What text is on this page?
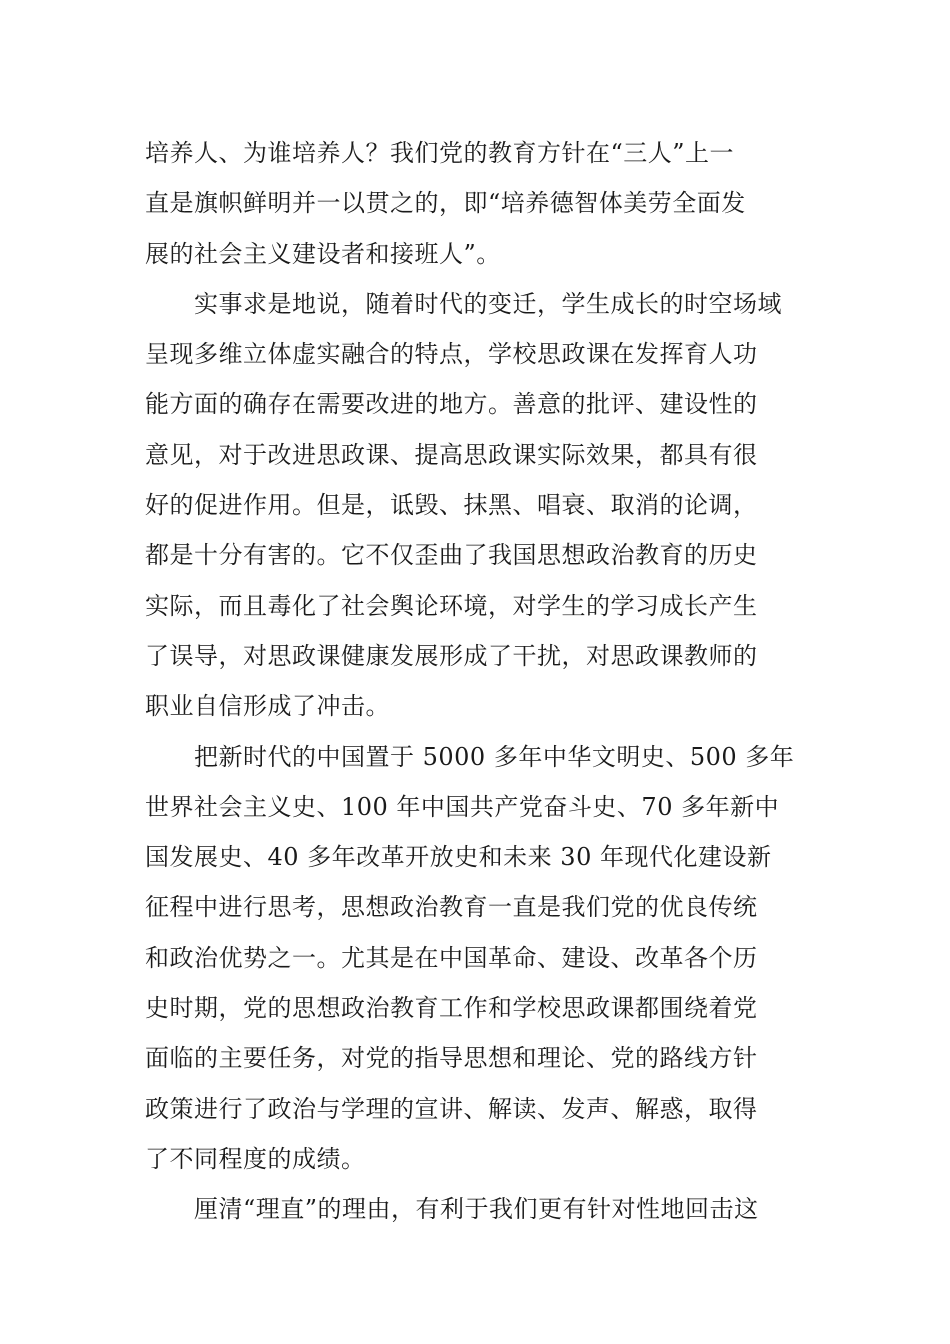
培养人、为谁培养人？我们党的教育方针在“三人”上一
直是旗帜鲜明并一以贯之的，即“培养德智体美劳全面发
展的社会主义建设者和接班人”。
　　实事求是地说，随着时代的变迁，学生成长的时空场域
呈现多维立体虚实融合的特点，学校思政课在发挥育人功
能方面的确存在需要改进的地方。善意的批评、建设性的
意见，对于改进思政课、提高思政课实际效果，都具有很
好的促进作用。但是，诋毁、抹黑、唱衰、取消的论调，
都是十分有害的。它不仅歪曲了我国思想政治教育的历史
实际，而且毒化了社会舆论环境，对学生的学习成长产生
了误导，对思政课健康发展形成了干扰，对思政课教师的
职业自信形成了冲击。
　　把新时代的中国置于 5000 多年中华文明史、500 多年
世界社会主义史、100 年中国共产党奋斗史、70 多年新中
国发展史、40 多年改革开放史和未来 30 年现代化建设新
征程中进行思考，思想政治教育一直是我们党的优良传统
和政治优势之一。尤其是在中国革命、建设、改革各个历
史时期，党的思想政治教育工作和学校思政课都围绕着党
面临的主要任务，对党的指导思想和理论、党的路线方针
政策进行了政治与学理的宣讲、解读、发声、解惑，取得
了不同程度的成绩。
　　厘清“理直”的理由，有利于我们更有针对性地回击这
